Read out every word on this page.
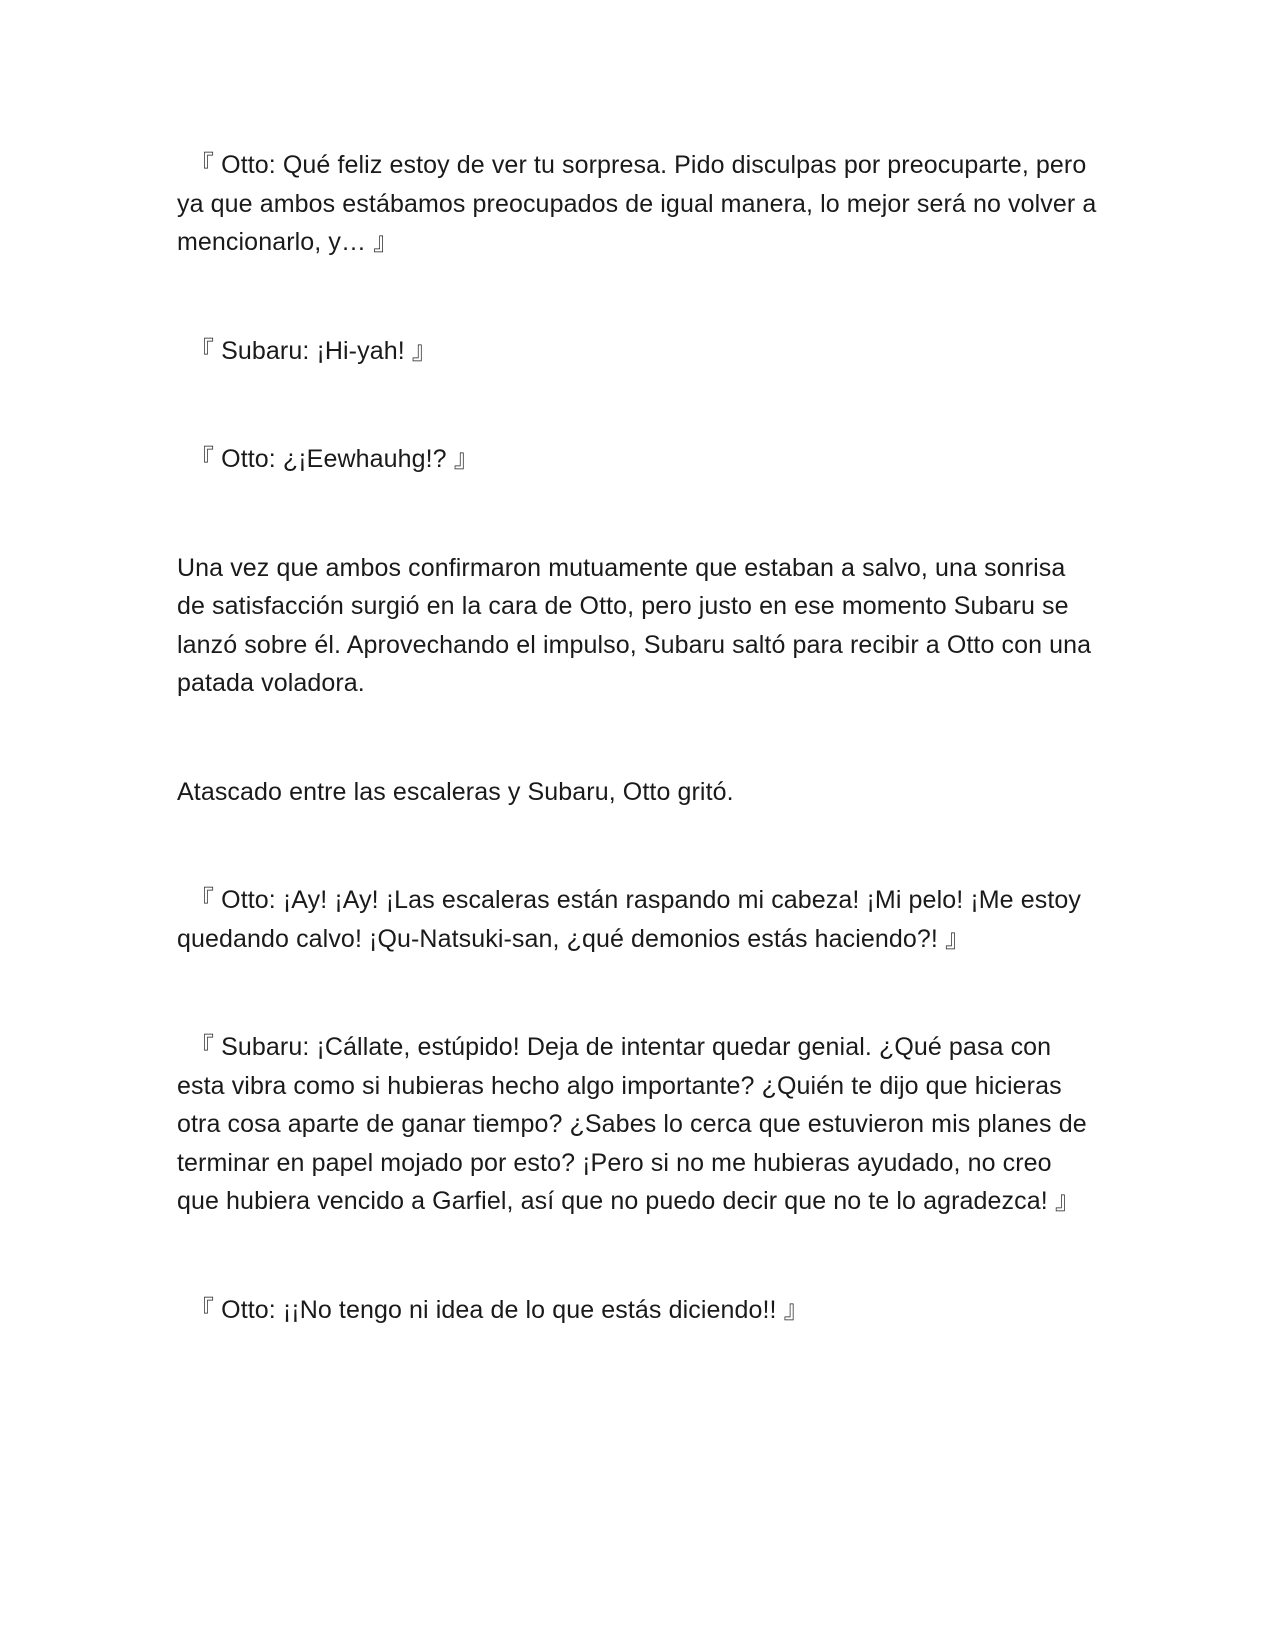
『 Otto: Qué feliz estoy de ver tu sorpresa. Pido disculpas por preocuparte, pero ya que ambos estábamos preocupados de igual manera, lo mejor será no volver a mencionarlo, y… 』

『 Subaru: ¡Hi-yah! 』

『 Otto: ¿¡Eewhauhg!? 』

Una vez que ambos confirmaron mutuamente que estaban a salvo, una sonrisa de satisfacción surgió en la cara de Otto, pero justo en ese momento Subaru se lanzó sobre él. Aprovechando el impulso, Subaru saltó para recibir a Otto con una patada voladora.

Atascado entre las escaleras y Subaru, Otto gritó.

『 Otto: ¡Ay! ¡Ay! ¡Las escaleras están raspando mi cabeza! ¡Mi pelo! ¡Me estoy quedando calvo! ¡Qu-Natsuki-san, ¿qué demonios estás haciendo?! 』

『 Subaru: ¡Cállate, estúpido! Deja de intentar quedar genial. ¿Qué pasa con esta vibra como si hubieras hecho algo importante? ¿Quién te dijo que hicieras otra cosa aparte de ganar tiempo? ¿Sabes lo cerca que estuvieron mis planes de terminar en papel mojado por esto? ¡Pero si no me hubieras ayudado, no creo que hubiera vencido a Garfiel, así que no puedo decir que no te lo agradezca! 』

『 Otto: ¡¡No tengo ni idea de lo que estás diciendo!! 』
